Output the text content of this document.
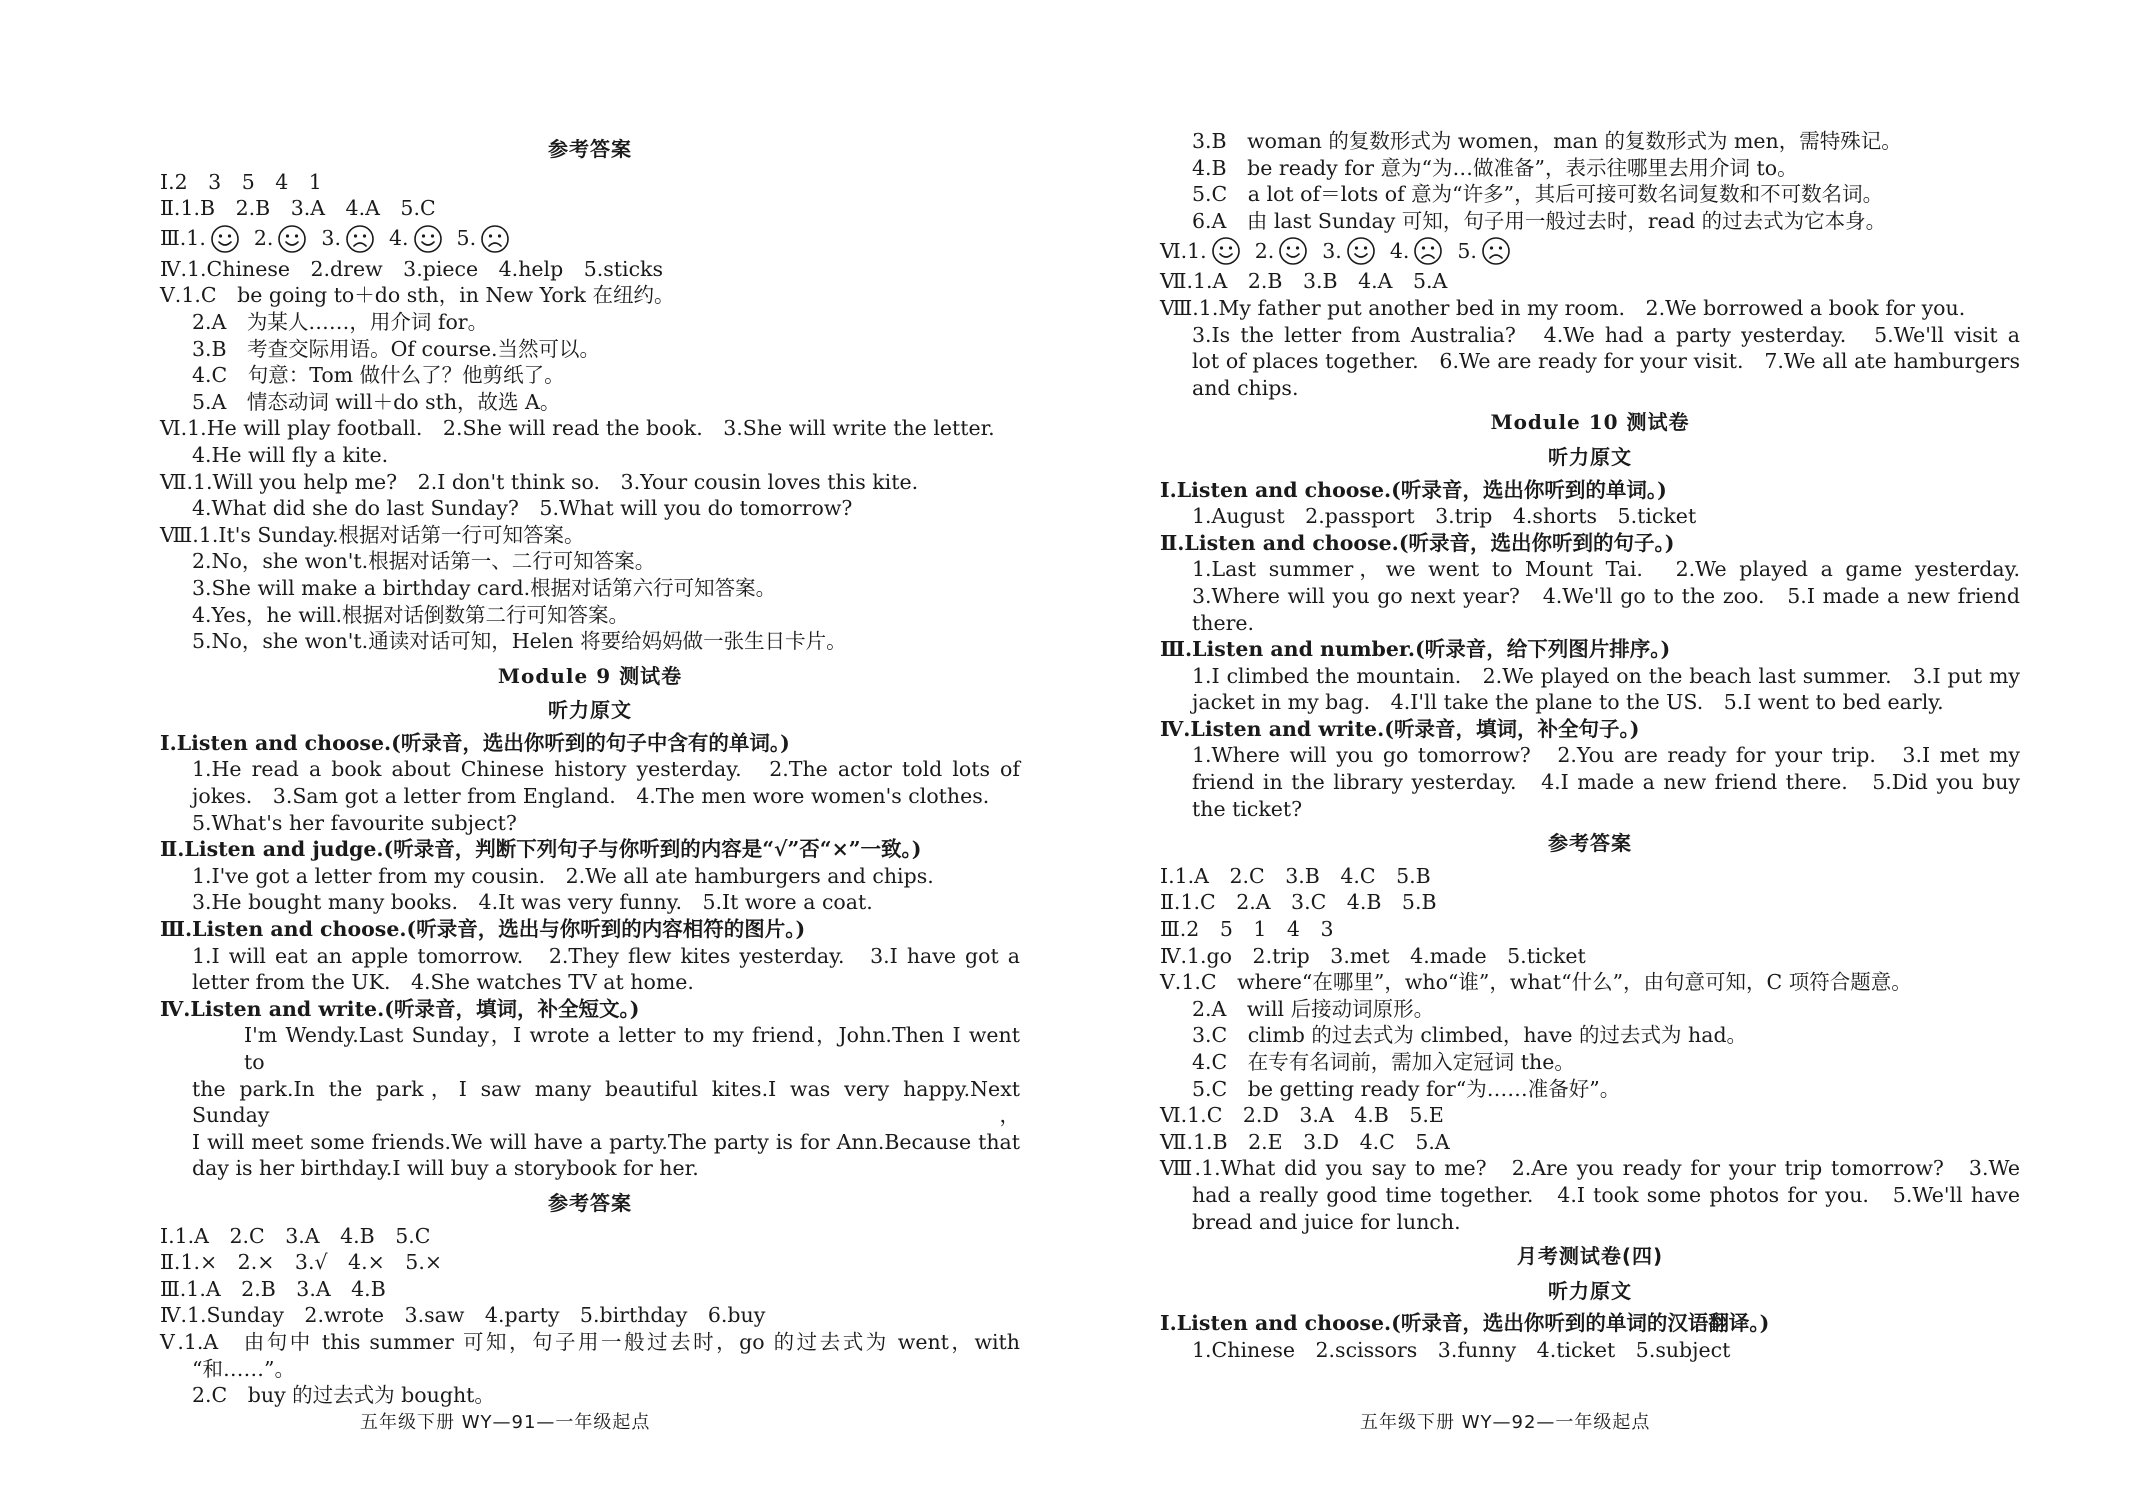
参考答案
Ⅰ.2　3　5　4　1
Ⅱ.1.B　2.B　3.A　4.A　5.C
Ⅲ. 1. 2. 3. 4. 5.
Ⅳ.1.Chinese　2.drew　3.piece　4.help　5.sticks
Ⅴ.1.C　be going to＋do sth，in New York 在纽约。
2.A　为某人……，用介词 for。
3.B　考查交际用语。Of course.当然可以。
4.C　句意：Tom 做什么了？他剪纸了。
5.A　情态动词 will＋do sth，故选 A。
Ⅵ.1.He will play football.　2.She will read the book.　3.She will write the letter.
4.He will fly a kite.
Ⅶ.1.Will you help me?　2.I don't think so.　3.Your cousin loves this kite.
4.What did she do last Sunday?　5.What will you do tomorrow?
Ⅷ.1.It's Sunday.根据对话第一行可知答案。
2.No，she won't.根据对话第一、二行可知答案。
3.She will make a birthday card.根据对话第六行可知答案。
4.Yes，he will.根据对话倒数第二行可知答案。
5.No，she won't.通读对话可知，Helen 将要给妈妈做一张生日卡片。
Module 9 测试卷
听力原文
Ⅰ.Listen and choose.(听录音，选出你听到的句子中含有的单词。)
1.He read a book about Chinese history yesterday.　2.The actor told lots of
jokes.　3.Sam got a letter from England.　4.The men wore women's clothes.
5.What's her favourite subject?
Ⅱ.Listen and judge.(听录音，判断下列句子与你听到的内容是“√”否“×”一致。)
1.I've got a letter from my cousin.　2.We all ate hamburgers and chips.
3.He bought many books.　4.It was very funny.　5.It wore a coat.
Ⅲ.Listen and choose.(听录音，选出与你听到的内容相符的图片。)
1.I will eat an apple tomorrow.　2.They flew kites yesterday.　3.I have got a
letter from the UK.　4.She watches TV at home.
Ⅳ.Listen and write.(听录音，填词，补全短文。)
I'm Wendy.Last Sunday，I wrote a letter to my friend，John.Then I went to
the park.In the park，I saw many beautiful kites.I was very happy.Next Sunday，
I will meet some friends.We will have a party.The party is for Ann.Because that
day is her birthday.I will buy a storybook for her.
参考答案
Ⅰ.1.A　2.C　3.A　4.B　5.C
Ⅱ.1.×　2.×　3.√　4.×　5.×
Ⅲ.1.A　2.B　3.A　4.B
Ⅳ.1.Sunday　2.wrote　3.saw　4.party　5.birthday　6.buy
Ⅴ.1.A　由句中 this summer 可知，句子用一般过去时，go 的过去式为 went，with
“和……”。
2.C　buy 的过去式为 bought。
3.B　woman 的复数形式为 women，man 的复数形式为 men，需特殊记。
4.B　be ready for 意为“为…做准备”，表示往哪里去用介词 to。
5.C　a lot of＝lots of 意为“许多”，其后可接可数名词复数和不可数名词。
6.A　由 last Sunday 可知，句子用一般过去时，read 的过去式为它本身。
Ⅵ. 1. 2. 3. 4. 5.
Ⅶ.1.A　2.B　3.B　4.A　5.A
Ⅷ.1.My father put another bed in my room.　2.We borrowed a book for you.
3.Is the letter from Australia?　4.We had a party yesterday.　5.We'll visit a
lot of places together.　6.We are ready for your visit.　7.We all ate hamburgers
and chips.
Module 10 测试卷
听力原文
Ⅰ.Listen and choose.(听录音，选出你听到的单词。)
1.August　2.passport　3.trip　4.shorts　5.ticket
Ⅱ.Listen and choose.(听录音，选出你听到的句子。)
1.Last summer，we went to Mount Tai.　2.We played a game yesterday.
3.Where will you go next year?　4.We'll go to the zoo.　5.I made a new friend
there.
Ⅲ.Listen and number.(听录音，给下列图片排序。)
1.I climbed the mountain.　2.We played on the beach last summer.　3.I put my
jacket in my bag.　4.I'll take the plane to the US.　5.I went to bed early.
Ⅳ.Listen and write.(听录音，填词，补全句子。)
1.Where will you go tomorrow?　2.You are ready for your trip.　3.I met my
friend in the library yesterday.　4.I made a new friend there.　5.Did you buy
the ticket?
参考答案
Ⅰ.1.A　2.C　3.B　4.C　5.B
Ⅱ.1.C　2.A　3.C　4.B　5.B
Ⅲ.2　5　1　4　3
Ⅳ.1.go　2.trip　3.met　4.made　5.ticket
Ⅴ.1.C　where“在哪里”，who“谁”，what“什么”，由句意可知，C 项符合题意。
2.A　will 后接动词原形。
3.C　climb 的过去式为 climbed，have 的过去式为 had。
4.C　在专有名词前，需加入定冠词 the。
5.C　be getting ready for“为……准备好”。
Ⅵ.1.C　2.D　3.A　4.B　5.E
Ⅶ.1.B　2.E　3.D　4.C　5.A
Ⅷ.1.What did you say to me?　2.Are you ready for your trip tomorrow?　3.We
had a really good time together.　4.I took some photos for you.　5.We'll have
bread and juice for lunch.
月考测试卷(四)
听力原文
Ⅰ.Listen and choose.(听录音，选出你听到的单词的汉语翻译。)
1.Chinese　2.scissors　3.funny　4.ticket　5.subject
五年级下册 WY—91—一年级起点	五年级下册 WY—92—一年级起点
